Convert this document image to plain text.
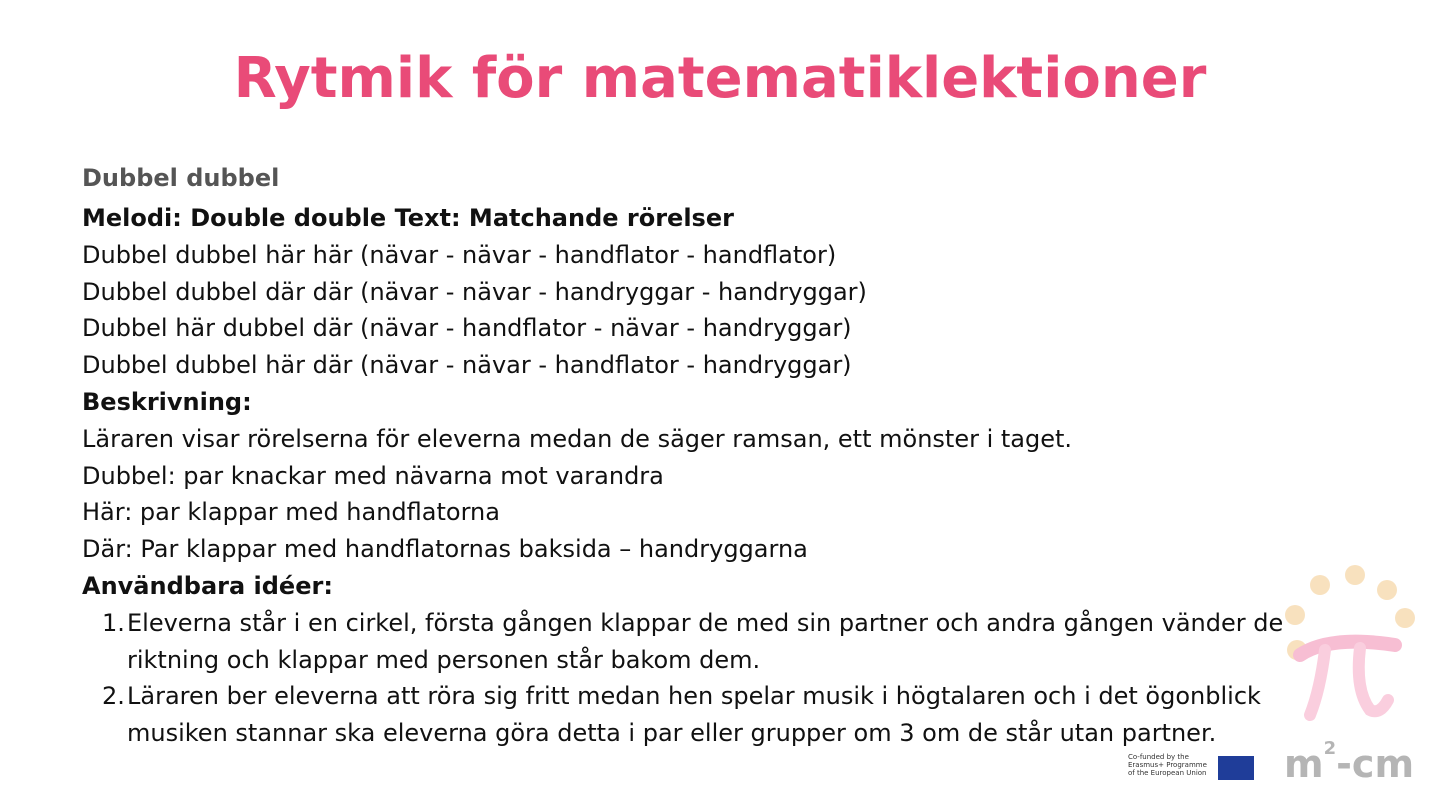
Rytmik för matematiklektioner
Dubbel dubbel
Melodi: Double double Text: Matchande rörelser
Dubbel dubbel här här (nävar - nävar - handflator - handflator)
Dubbel dubbel där där (nävar - nävar - handryggar - handryggar)
Dubbel här dubbel där (nävar - handflator - nävar - handryggar)
Dubbel dubbel här där (nävar - nävar - handflator - handryggar)
Beskrivning:
Läraren visar rörelserna för eleverna medan de säger ramsan, ett mönster i taget.
Dubbel: par knackar med nävarna mot varandra
Här: par klappar med handflatorna
Där: Par klappar med handflatornas baksida – handryggarna
Användbara idéer:
1. Eleverna står i en cirkel, första gången klappar de med sin partner och andra gången vänder de
riktning och klappar med personen står bakom dem.
2. Läraren ber eleverna att röra sig fritt medan hen spelar musik i högtalaren och i det ögonblick
musiken stannar ska eleverna göra detta i par eller grupper om 3 om de står utan partner.
Co-funded by the
Erasmus+ Programme
of the European Union $m^2-cm$
